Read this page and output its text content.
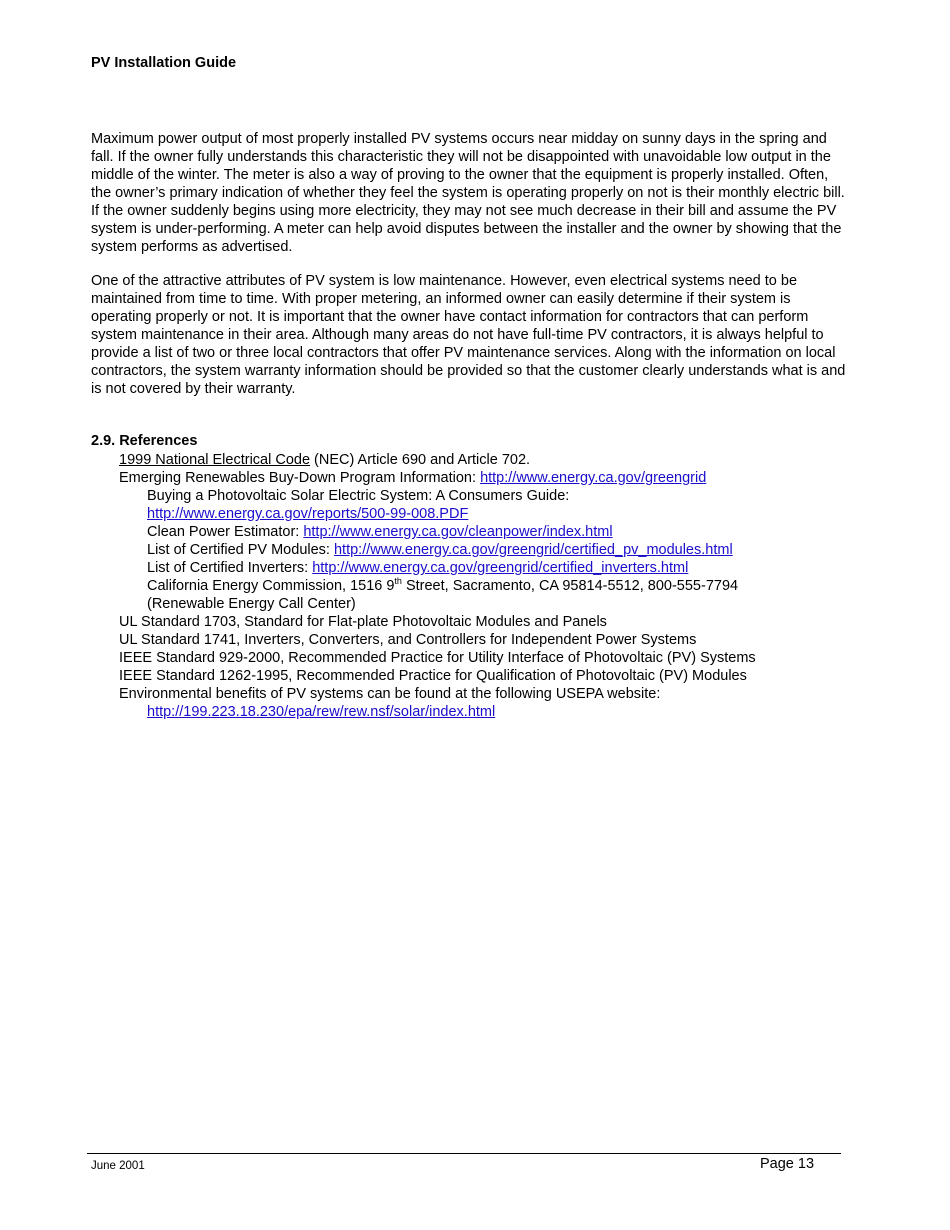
PV Installation Guide

Maximum power output of most properly installed PV systems occurs near midday on sunny days in the spring and fall. If the owner fully understands this characteristic they will not be disappointed with unavoidable low output in the middle of the winter. The meter is also a way of proving to the owner that the equipment is properly installed. Often, the owner’s primary indication of whether they feel the system is operating properly on not is their monthly electric bill. If the owner suddenly begins using more electricity, they may not see much decrease in their bill and assume the PV system is under-performing. A meter can help avoid disputes between the installer and the owner by showing that the system performs as advertised.

One of the attractive attributes of PV system is low maintenance. However, even electrical systems need to be maintained from time to time. With proper metering, an informed owner can easily determine if their system is operating properly or not. It is important that the owner have contact information for contractors that can perform system maintenance in their area. Although many areas do not have full-time PV contractors, it is always helpful to provide a list of two or three local contractors that offer PV maintenance services. Along with the information on local contractors, the system warranty information should be provided so that the customer clearly understands what is and is not covered by their warranty.

2.9. References
1999 National Electrical Code (NEC) Article 690 and Article 702.
Emerging Renewables Buy-Down Program Information: http://www.energy.ca.gov/greengrid
Buying a Photovoltaic Solar Electric System: A Consumers Guide:
http://www.energy.ca.gov/reports/500-99-008.PDF
Clean Power Estimator: http://www.energy.ca.gov/cleanpower/index.html
List of Certified PV Modules: http://www.energy.ca.gov/greengrid/certified_pv_modules.html
List of Certified Inverters: http://www.energy.ca.gov/greengrid/certified_inverters.html
California Energy Commission, 1516 9th Street, Sacramento, CA 95814-5512, 800-555-7794
(Renewable Energy Call Center)
UL Standard 1703, Standard for Flat-plate Photovoltaic Modules and Panels
UL Standard 1741, Inverters, Converters, and Controllers for Independent Power Systems
IEEE Standard 929-2000, Recommended Practice for Utility Interface of Photovoltaic (PV) Systems
IEEE Standard 1262-1995, Recommended Practice for Qualification of Photovoltaic (PV) Modules
Environmental benefits of PV systems can be found at the following USEPA website:
http://199.223.18.230/epa/rew/rew.nsf/solar/index.html
June 2001	Page 13
